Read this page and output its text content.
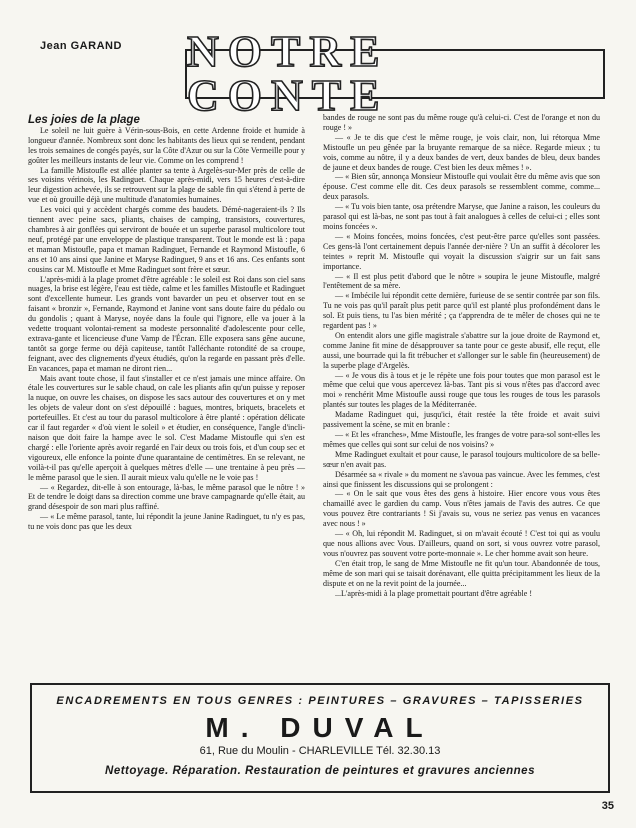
Jean GARAND NOTRE CONTE

Les joies de la plage

Le soleil ne luit guère à Vérin-sous-Bois, en cette Ardenne froide et humide à longueur d'année. Nombreux sont donc les habitants des lieux qui se rendent, pendant les trois semaines de congés payés, sur la Côte d'Azur ou sur la Côte Vermeille pour y goûter les meilleurs instants de leur vie. Comme on les comprend !

La famille Mistoufle est allée planter sa tente à Argelès-sur-Mer près de celle de ses voisins vérinois, les Radinguet. Chaque après-midi, vers 15 heures c'est-à-dire leur digestion achevée, ils se retrouvent sur la plage de sable fin qui s'étend à perte de vue et où grouille déjà une multitude d'anatomies humaines.

Les voici qui y accèdent chargés comme des baudets. Démé-nageraient-ils ? Ils tiennent avec peine sacs, pliants, chaises de camping, transistors, couvertures, chambres à air gonflées qui serviront de bouée et un superbe parasol multicolore tout neuf, protégé par une enveloppe de plastique transparent. Tout le monde est là : papa et maman Mistoufle, papa et maman Radinguet, Fernande et Raymond Mistoufle, 6 ans et 10 ans ainsi que Janine et Maryse Radinguet, 9 ans et 16 ans. Ces enfants sont cousins car M. Mistoufle et Mme Radinguet sont frère et sœur.

L'après-midi à la plage promet d'être agréable : le soleil est Roi dans son ciel sans nuages, la brise est légère, l'eau est tiède, calme et les familles Mistoufle et Radinguet sont d'excellente humeur. Les grands vont bavarder un peu et observer tout en se faisant « bronzir », Fernande, Raymond et Janine vont sans doute faire du pédalo ou du gondolis ; quant à Maryse, noyée dans la foule qui l'ignore, elle va jouer à la vedette troquant volontai-rement sa modeste personnalité d'adolescente pour celle, extrava-gante et licencieuse d'une Vamp de l'Écran. Elle exposera sans gêne aucune, tantôt sa gorge ferme ou déjà capiteuse, tantôt l'alléchante rotondité de sa croupe, feignant, avec des clignements d'yeux étudiés, qu'on la regarde en passant près d'elle. En vacances, papa et maman ne diront rien...

Mais avant toute chose, il faut s'installer et ce n'est jamais une mince affaire. On étale les couvertures sur le sable chaud, on cale les pliants afin qu'un puisse y reposer la nuque, on ouvre les chaises, on dispose les sacs autour des couvertures et on y met les objets de valeur dont on s'est dépouillé : bagues, montres, briquets, bracelets et portefeuilles. Et c'est au tour du parasol multicolore à être planté : opération délicate car il faut regarder « d'où vient le soleil » et étudier, en conséquence, l'angle d'incli-naison que doit faire la hampe avec le sol. C'est Madame Mistoufle qui s'en est chargé : elle l'oriente après avoir regardé en l'air deux ou trois fois, et d'un coup sec et vigoureux, elle enfonce la pointe d'une quarantaine de centimètres. En se relevant, ne voilà-t-il pas qu'elle aperçoit à quelques mètres d'elle — une trentaine à peu près — le même parasol que le sien. Il aurait mieux valu qu'elle ne le voie pas !

— « Regardez, dit-elle à son entourage, là-bas, le même parasol que le nôtre ! » Et de tendre le doigt dans sa direction comme une brave campagnarde qu'elle était, au grand désespoir de son mari plus raffiné.

— « Le même parasol, tante, lui répondit la jeune Janine Radinguet, tu n'y es pas, tu ne vois donc pas que les deux

bandes de rouge ne sont pas du même rouge qu'à celui-ci. C'est de l'orange et non du rouge ! »

— « Je te dis que c'est le même rouge, je vois clair, non, lui rétorqua Mme Mistoufle un peu gênée par la bruyante remarque de sa nièce. Regarde mieux ; tu vois, comme au nôtre, il y a deux bandes de vert, deux bandes de bleu, deux bandes de jaune et deux bandes de rouge. C'est bien les deux mêmes ! ».

— « Bien sûr, annonça Monsieur Mistoufle qui voulait être du même avis que son épouse. C'est comme elle dit. Ces deux parasols se ressemblent comme, comme... deux parasols.

— « Tu vois bien tante, osa prétendre Maryse, que Janine a raison, les couleurs du parasol qui est là-bas, ne sont pas tout à fait analogues à celles de celui-ci ; elles sont moins foncées ».

— « Moins foncées, moins foncées, c'est peut-être parce qu'elles sont passées. Ces gens-là l'ont certainement depuis l'année der-nière ? Un an suffit à décolorer les teintes » reprit M. Mistoufle qui voyait la discussion s'aigrir sur un fait sans importance.

— « Il est plus petit d'abord que le nôtre » soupira le jeune Mistoufle, malgré l'entêtement de sa mère.

— « Imbécile lui répondit cette dernière, furieuse de se sentir contrée par son fils. Tu ne vois pas qu'il paraît plus petit parce qu'il est planté plus profondément dans le sol. Et puis tiens, tu l'as bien mérité ; ça t'apprendra de te mêler de choses qui ne te regardent pas ! »

On entendit alors une gifle magistrale s'abattre sur la joue droite de Raymond et, comme Janine fit mine de désapprouver sa tante pour ce geste abusif, elle reçut, elle aussi, une bourrade qui la fit trébucher et s'allonger sur le sable fin (heureusement) de la superbe plage d'Argelès.

— « Je vous dis à tous et je le répète une fois pour toutes que mon parasol est le même que celui que vous apercevez là-bas. Tant pis si vous n'êtes pas d'accord avec moi » renchérit Mme Mistoufle aussi rouge que tous les rouges de tous les parasols plantés sur toutes les plages de la Méditerranée.

Madame Radinguet qui, jusqu'ici, était restée la tête froide et avait suivi passivement la scène, se mit en branle :

— « Et les «franches», Mme Mistoufle, les franges de votre para-sol sont-elles les mêmes que celles qui sont sur celui de nos voisins? »

Mme Radinguet exultait et pour cause, le parasol toujours multicolore de sa belle-sœur n'en avait pas.

Désarmée sa « rivale » du moment ne s'avoua pas vaincue. Avec les femmes, c'est ainsi que finissent les discussions qui se prolongent :

— « On le sait que vous êtes des gens à histoire. Hier encore vous vous êtes chamaillé avec le gardien du camp. Vous n'êtes jamais de l'avis des autres. Ce que vous pouvez être contrariants ! Si j'avais su, vous ne seriez pas venus en vacances avec nous ! »

— « Oh, lui répondit M. Radinguet, si on m'avait écouté ! C'est toi qui as voulu que nous allions avec Vous. D'ailleurs, quand on sort, si vous ouvrez votre parasol, vous n'ouvrez pas souvent votre porte-monnaie ». Le cher homme avait son heure.

C'en était trop, le sang de Mme Mistoufle ne fit qu'un tour. Abandonnée de tous, même de son mari qui se taisait dorénavant, elle quitta précipitamment les lieux de la dispute et on ne la revit point de la journée...

...L'après-midi à la plage promettait pourtant d'être agréable !

ENCADREMENTS EN TOUS GENRES : PEINTURES – GRAVURES – TAPISSERIES
M. DUVAL
61, Rue du Moulin - CHARLEVILLE Tél. 32.30.13
Nettoyage. Réparation. Restauration de peintures et gravures anciennes
35
